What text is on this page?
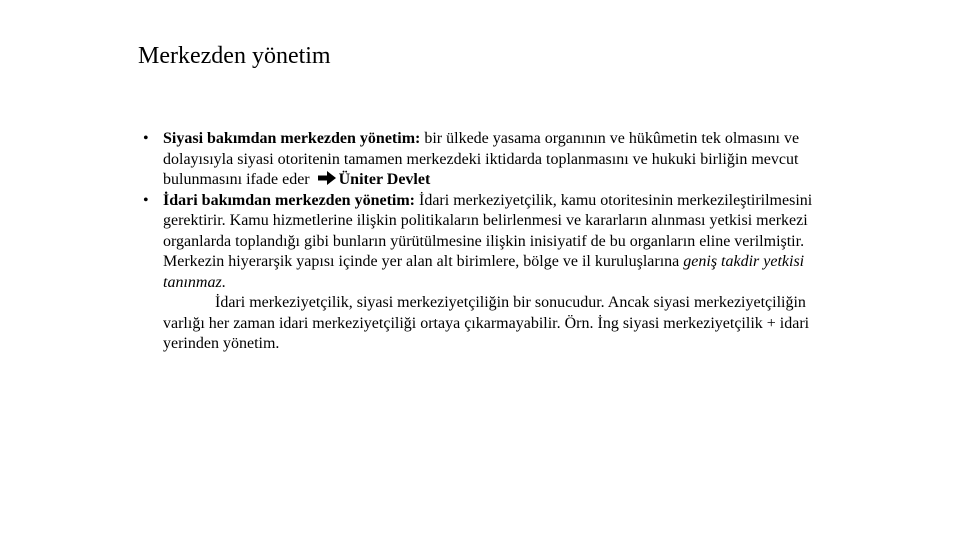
Merkezden yönetim
• Siyasi bakımdan merkezden yönetim: bir ülkede yasama organının ve hükûmetin tek olmasını ve dolayısıyla siyasi otoritenin tamamen merkezdeki iktidarda toplanmasını ve hukuki birliğin mevcut bulunmasını ifade eder Üniter Devlet
• İdari bakımdan merkezden yönetim: İdari merkeziyetçilik, kamu otoritesinin merkezileştirilmesini gerektirir. Kamu hizmetlerine ilişkin politikaların belirlenmesi ve kararların alınması yetkisi merkezi organlarda toplandığı gibi bunların yürütülmesine ilişkin inisiyatif de bu organların eline verilmiştir. Merkezin hiyerarşik yapısı içinde yer alan alt birimlere, bölge ve il kuruluşlarına geniş takdir yetkisi tanınmaz.
İdari merkeziyetçilik, siyasi merkeziyetçiliğin bir sonucudur. Ancak siyasi merkeziyetçiliğin varlığı her zaman idari merkeziyetçiliği ortaya çıkarmayabilir. Örn. İng siyasi merkeziyetçilik + idari yerinden yönetim.
